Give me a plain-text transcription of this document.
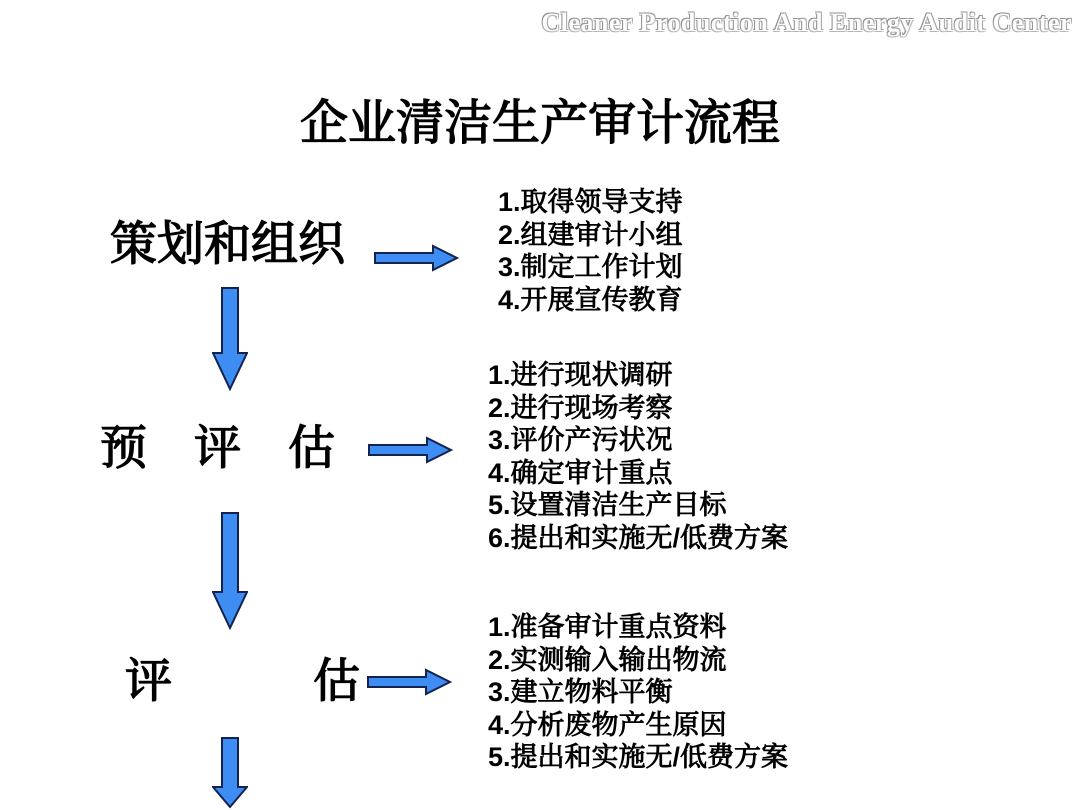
Cleaner Production And Energy Audit Center
企业清洁生产审计流程
策划和组织
1.取得领导支持
2.组建审计小组
3.制定工作计划
4.开展宣传教育
预　评　估
1.进行现状调研
2.进行现场考察
3.评价产污状况
4.确定审计重点
5.设置清洁生产目标
6.提出和实施无/低费方案
评　　　估
1.准备审计重点资料
2.实测输入输出物流
3.建立物料平衡
4.分析废物产生原因
5.提出和实施无/低费方案
